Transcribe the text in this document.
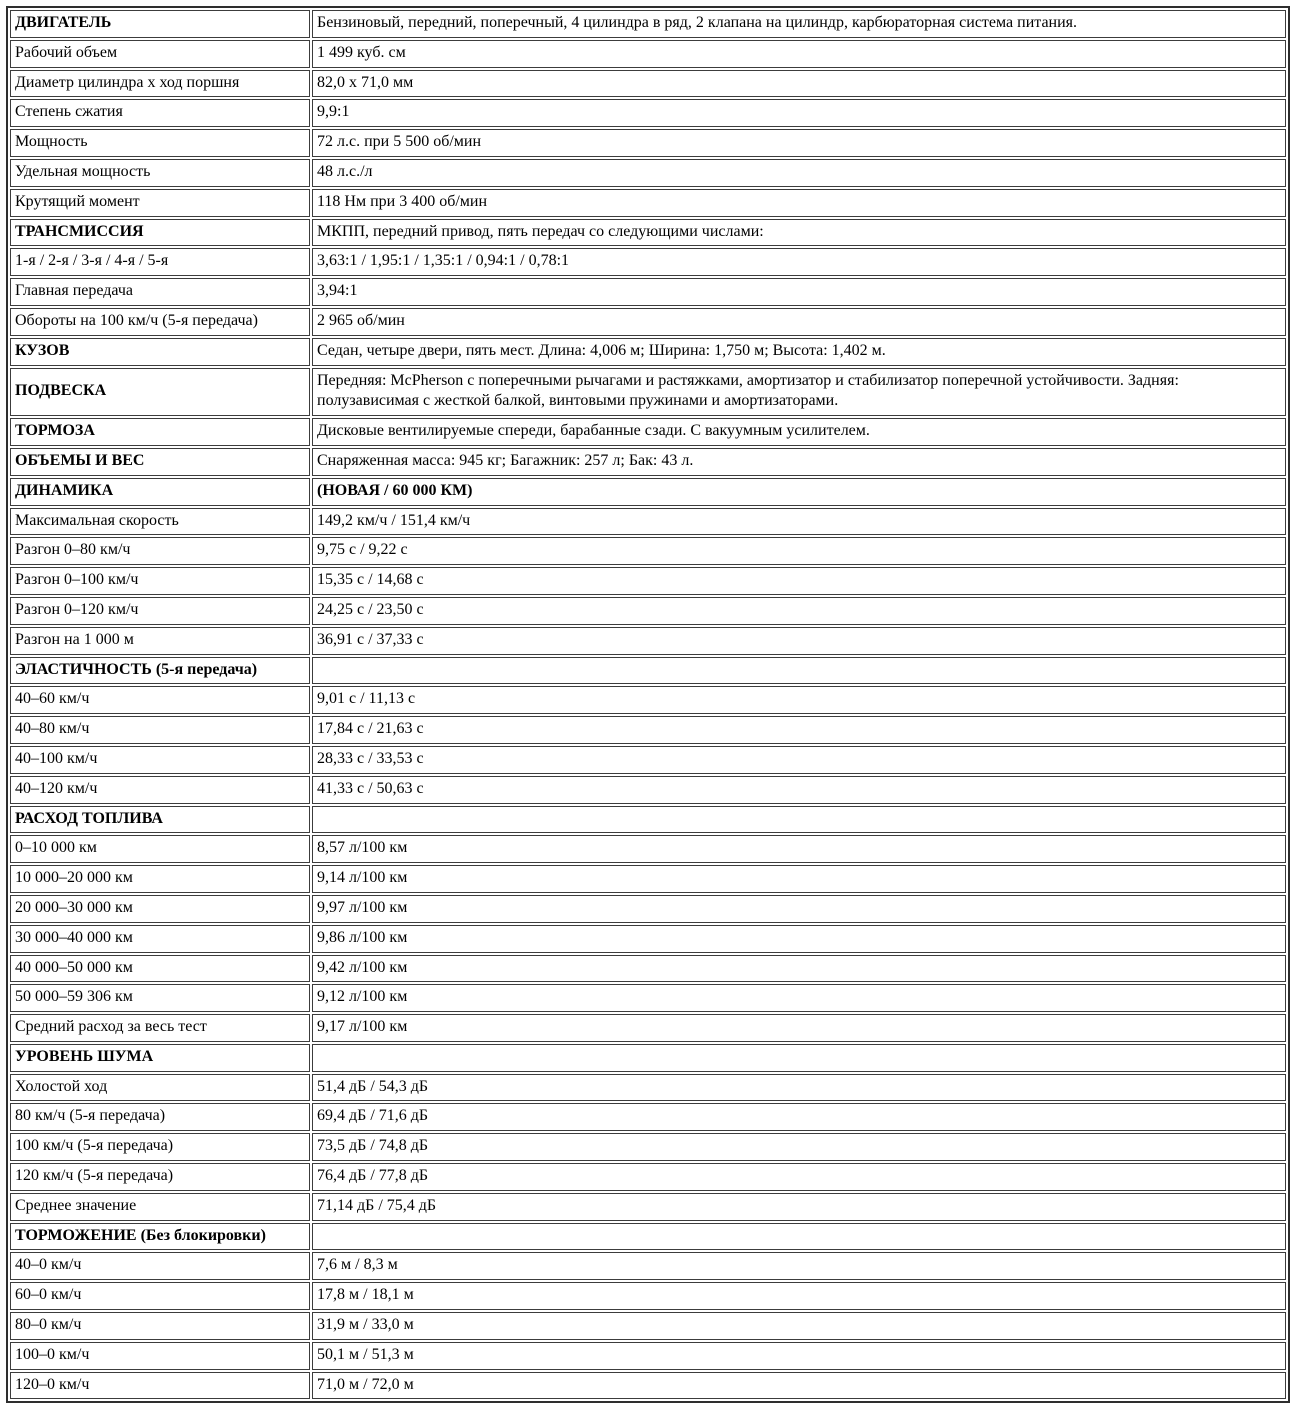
ДВИГАТЕЛЬ	Бензиновый, передний, поперечный, 4 цилиндра в ряд, 2 клапана на цилиндр, карбюраторная система питания.
Рабочий объем	1 499 куб. см
Диаметр цилиндра х ход поршня	82,0 х 71,0 мм
Степень сжатия	9,9:1
Мощность	72 л.с. при 5 500 об/мин
Удельная мощность	48 л.с./л
Крутящий момент	118 Нм при 3 400 об/мин
ТРАНСМИССИЯ	МКПП, передний привод, пять передач со следующими числами:
1-я / 2-я / 3-я / 4-я / 5-я	3,63:1 / 1,95:1 / 1,35:1 / 0,94:1 / 0,78:1
Главная передача	3,94:1
Обороты на 100 км/ч (5-я передача)	2 965 об/мин
КУЗОВ	Седан, четыре двери, пять мест. Длина: 4,006 м; Ширина: 1,750 м; Высота: 1,402 м.
ПОДВЕСКА	Передняя: McPherson с поперечными рычагами и растяжками, амортизатор и стабилизатор поперечной устойчивости. Задняя: полузависимая с жесткой балкой, винтовыми пружинами и амортизаторами.
ТОРМОЗА	Дисковые вентилируемые спереди, барабанные сзади. С вакуумным усилителем.
ОБЪЕМЫ И ВЕС	Снаряженная масса: 945 кг; Багажник: 257 л; Бак: 43 л.
ДИНАМИКА	(НОВАЯ / 60 000 КМ)
Максимальная скорость	149,2 км/ч / 151,4 км/ч
Разгон 0–80 км/ч	9,75 с / 9,22 с
Разгон 0–100 км/ч	15,35 с / 14,68 с
Разгон 0–120 км/ч	24,25 с / 23,50 с
Разгон на 1 000 м	36,91 с / 37,33 с
ЭЛАСТИЧНОСТЬ (5-я передача)	
40–60 км/ч	9,01 с / 11,13 с
40–80 км/ч	17,84 с / 21,63 с
40–100 км/ч	28,33 с / 33,53 с
40–120 км/ч	41,33 с / 50,63 с
РАСХОД ТОПЛИВА	
0–10 000 км	8,57 л/100 км
10 000–20 000 км	9,14 л/100 км
20 000–30 000 км	9,97 л/100 км
30 000–40 000 км	9,86 л/100 км
40 000–50 000 км	9,42 л/100 км
50 000–59 306 км	9,12 л/100 км
Средний расход за весь тест	9,17 л/100 км
УРОВЕНЬ ШУМА	
Холостой ход	51,4 дБ / 54,3 дБ
80 км/ч (5-я передача)	69,4 дБ / 71,6 дБ
100 км/ч (5-я передача)	73,5 дБ / 74,8 дБ
120 км/ч (5-я передача)	76,4 дБ / 77,8 дБ
Среднее значение	71,14 дБ / 75,4 дБ
ТОРМОЖЕНИЕ (Без блокировки)	
40–0 км/ч	7,6 м / 8,3 м
60–0 км/ч	17,8 м / 18,1 м
80–0 км/ч	31,9 м / 33,0 м
100–0 км/ч	50,1 м / 51,3 м
120–0 км/ч	71,0 м / 72,0 м
